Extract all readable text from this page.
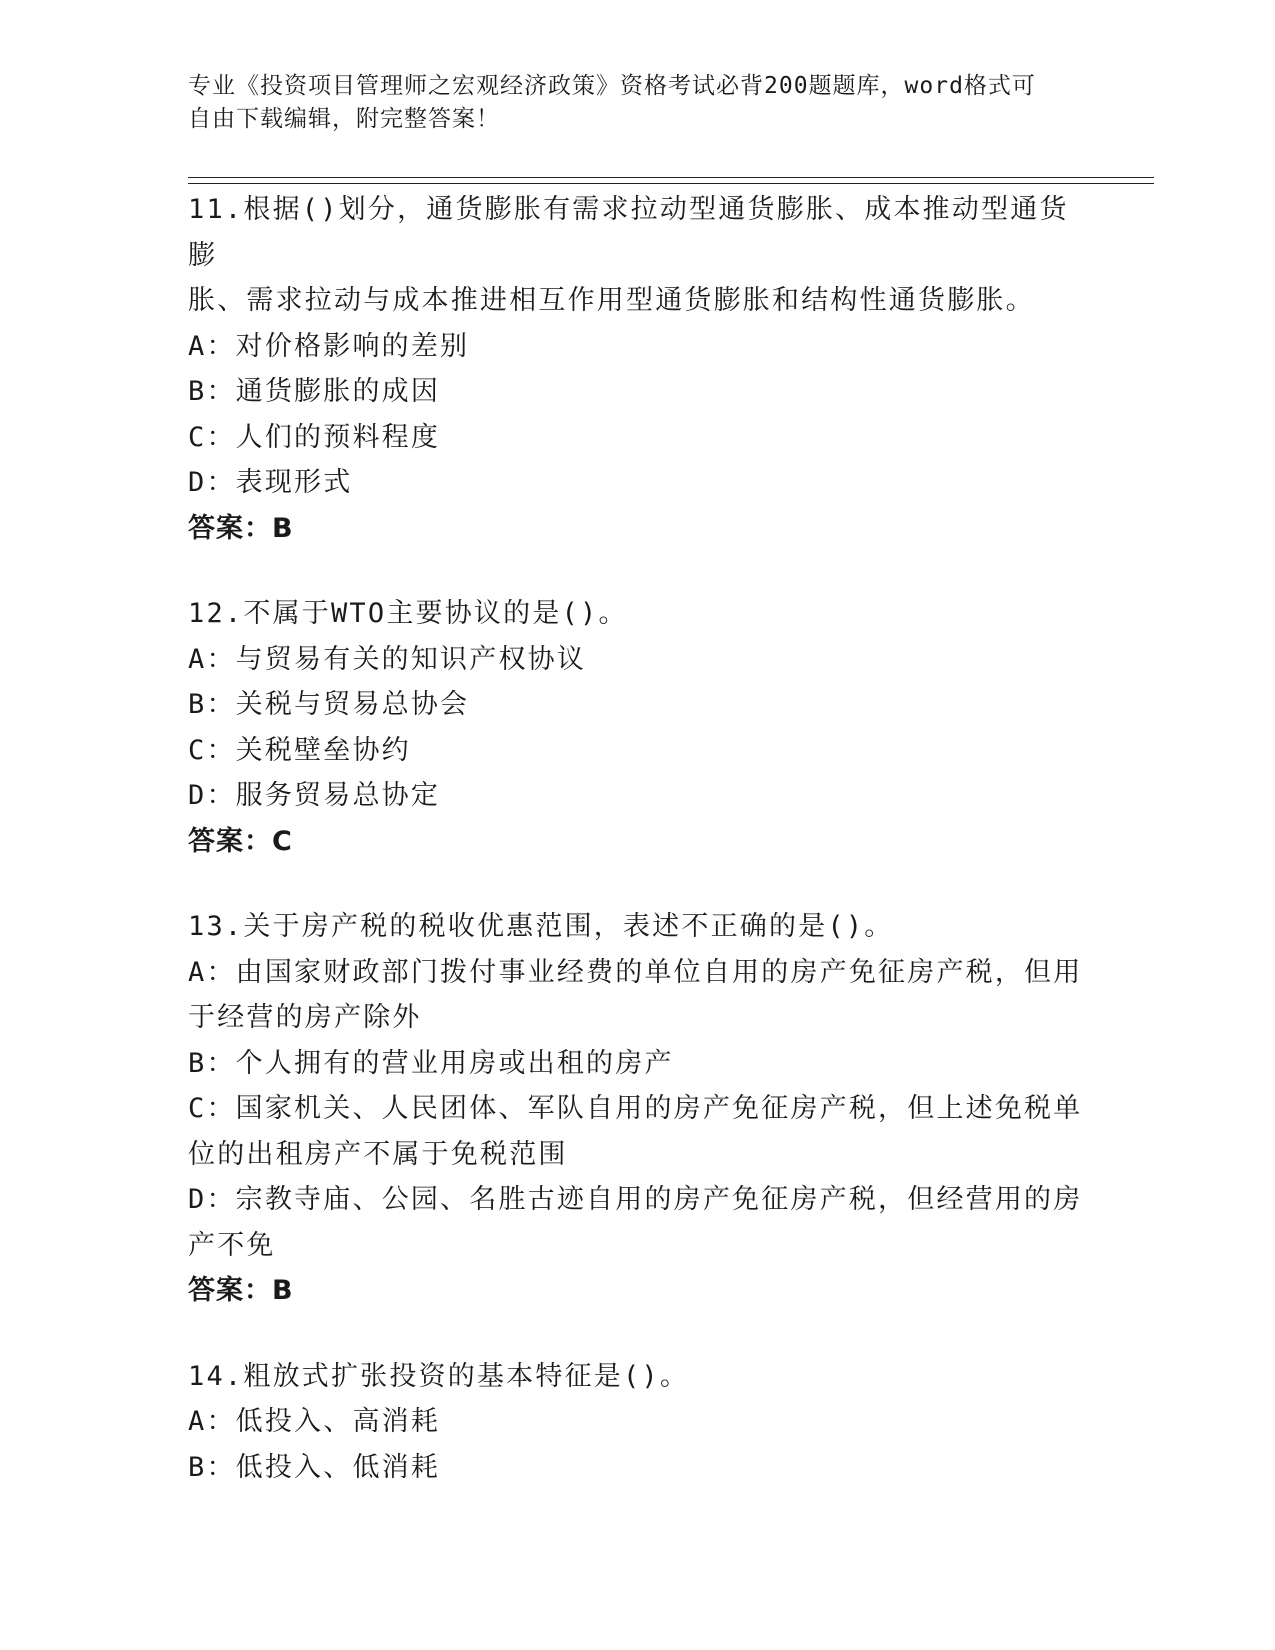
专业《投资项目管理师之宏观经济政策》资格考试必背200题题库，word格式可
自由下载编辑，附完整答案！
11.根据()划分，通货膨胀有需求拉动型通货膨胀、成本推动型通货膨
胀、需求拉动与成本推进相互作用型通货膨胀和结构性通货膨胀。
A：对价格影响的差别
B：通货膨胀的成因
C：人们的预料程度
D：表现形式
答案：B
12.不属于WTO主要协议的是()。
A：与贸易有关的知识产权协议
B：关税与贸易总协会
C：关税壁垒协约
D：服务贸易总协定
答案：C
13.关于房产税的税收优惠范围，表述不正确的是()。
A：由国家财政部门拨付事业经费的单位自用的房产免征房产税，但用
于经营的房产除外
B：个人拥有的营业用房或出租的房产
C：国家机关、人民团体、军队自用的房产免征房产税，但上述免税单
位的出租房产不属于免税范围
D：宗教寺庙、公园、名胜古迹自用的房产免征房产税，但经营用的房
产不免
答案：B
14.粗放式扩张投资的基本特征是()。
A：低投入、高消耗
B：低投入、低消耗
